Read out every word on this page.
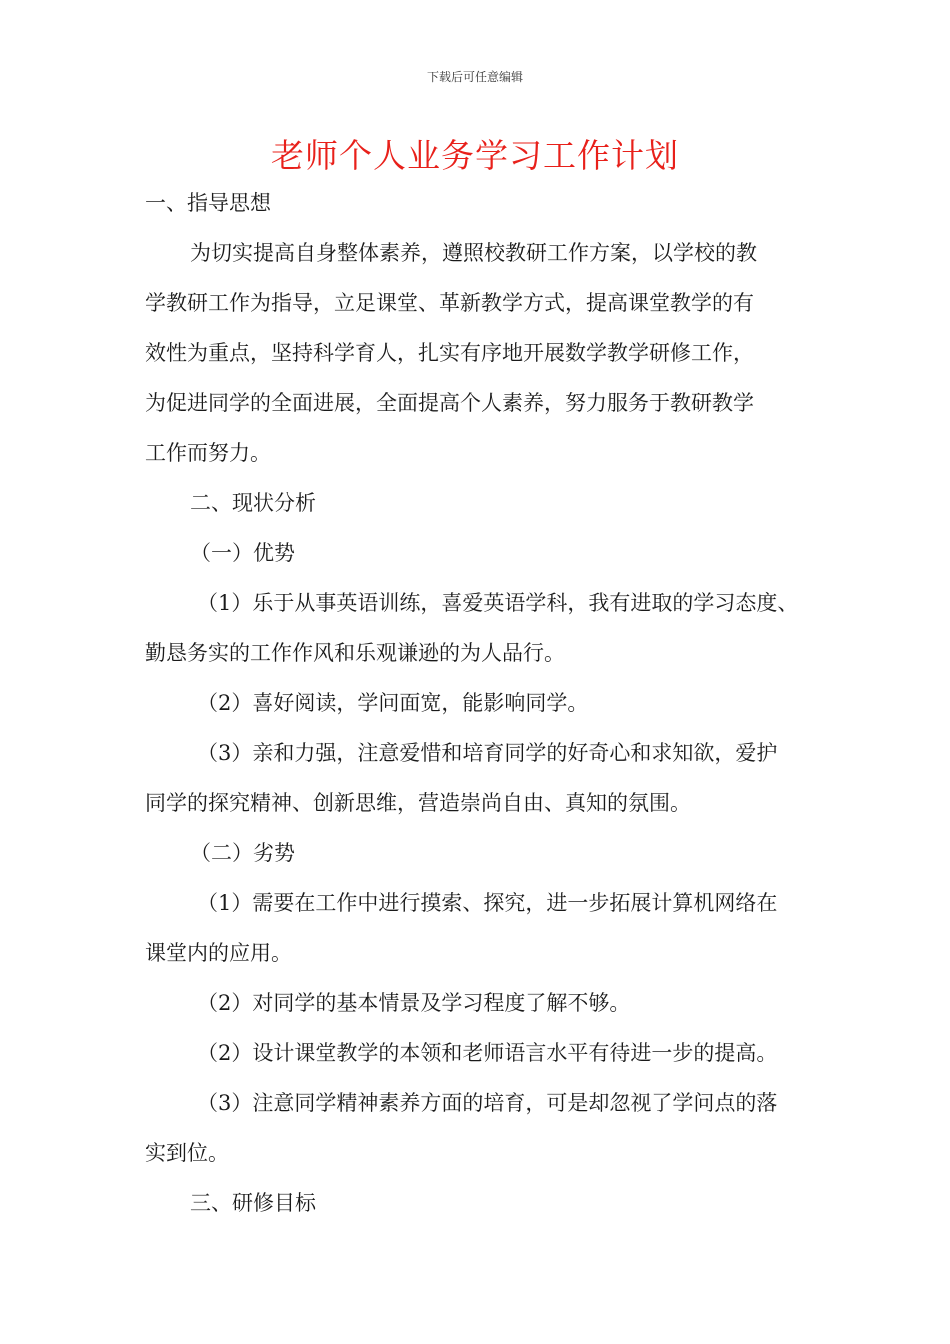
下载后可任意编辑
老师个人业务学习工作计划

一、指导思想

为切实提高自身整体素养，遵照校教研工作方案，以学校的教

学教研工作为指导，立足课堂、革新教学方式，提高课堂教学的有

效性为重点，坚持科学育人，扎实有序地开展数学教学研修工作，

为促进同学的全面进展，全面提高个人素养，努力服务于教研教学

工作而努力。

二、现状分析

（一）优势

（1）乐于从事英语训练，喜爱英语学科，我有进取的学习态度、

勤恳务实的工作作风和乐观谦逊的为人品行。

（2）喜好阅读，学问面宽，能影响同学。

（3）亲和力强，注意爱惜和培育同学的好奇心和求知欲，爱护

同学的探究精神、创新思维，营造崇尚自由、真知的氛围。

（二）劣势

（1）需要在工作中进行摸索、探究，进一步拓展计算机网络在

课堂内的应用。

（2）对同学的基本情景及学习程度了解不够。

（2）设计课堂教学的本领和老师语言水平有待进一步的提高。

（3）注意同学精神素养方面的培育，可是却忽视了学问点的落

实到位。

三、研修目标
